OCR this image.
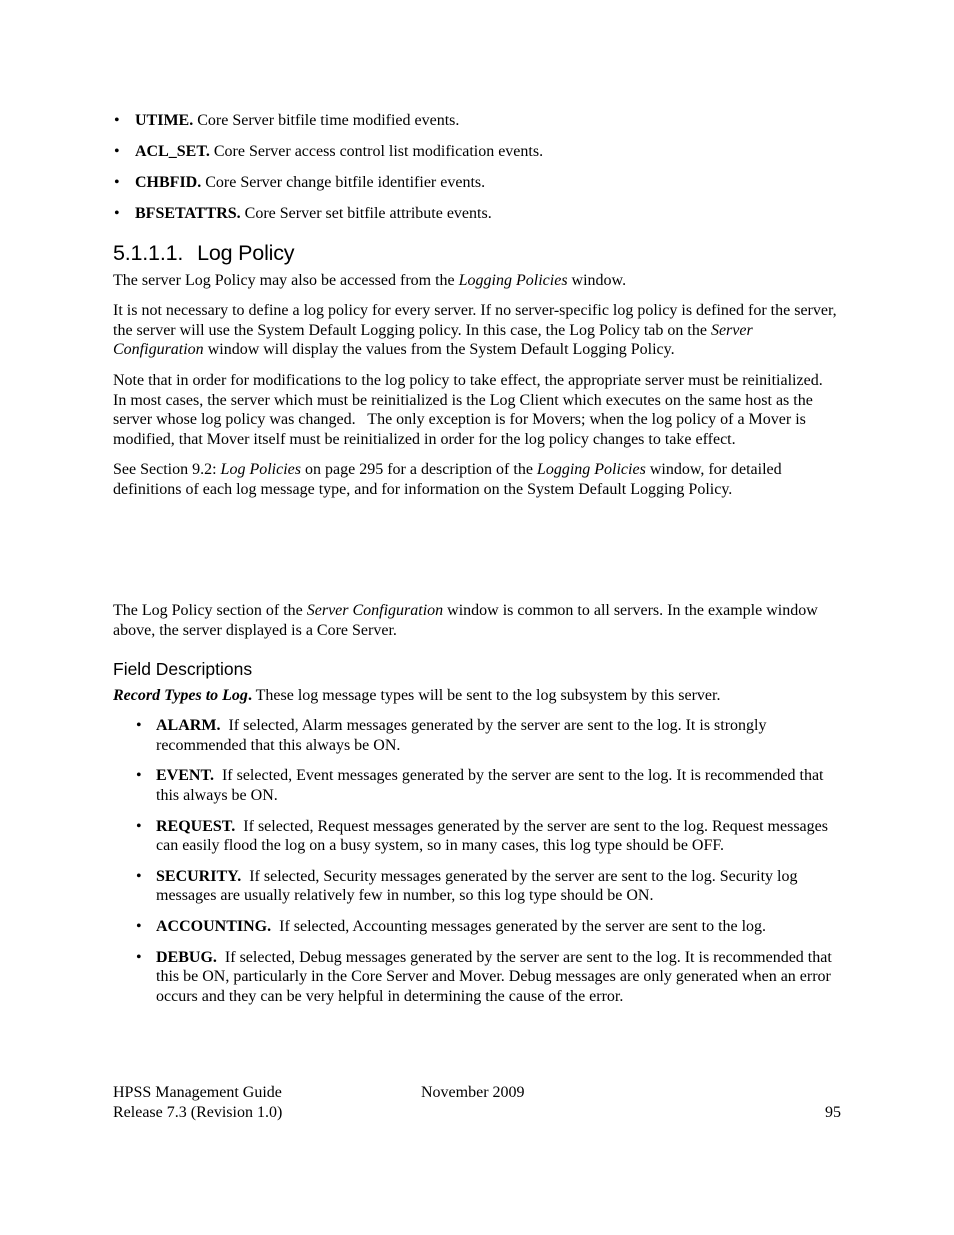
• UTIME. Core Server bitfile time modified events.
• ACL_SET. Core Server access control list modification events.
• CHBFID. Core Server change bitfile identifier events.
• BFSETATTRS. Core Server set bitfile attribute events.
5.1.1.1. Log Policy

The server Log Policy may also be accessed from the Logging Policies window.

It is not necessary to define a log policy for every server. If no server-specific log policy is defined for the server, the server will use the System Default Logging policy. In this case, the Log Policy tab on the Server Configuration window will display the values from the System Default Logging Policy.

Note that in order for modifications to the log policy to take effect, the appropriate server must be reinitialized.    In most cases, the server which must be reinitialized is the Log Client which executes on the same host as the server whose log policy was changed.   The only exception is for Movers; when the log policy of a Mover is modified, that Mover itself must be reinitialized in order for the log policy changes to take effect.

See Section 9.2: Log Policies on page 295 for a description of the Logging Policies window, for detailed definitions of each log message type, and for information on the System Default Logging Policy.

The Log Policy section of the Server Configuration window is common to all servers. In the example window above, the server displayed is a Core Server.

Field Descriptions

Record Types to Log. These log message types will be sent to the log subsystem by this server.

• ALARM.  If selected, Alarm messages generated by the server are sent to the log. It is strongly recommended that this always be ON.
• EVENT.  If selected, Event messages generated by the server are sent to the log. It is recommended that this always be ON.
• REQUEST.  If selected, Request messages generated by the server are sent to the log. Request messages can easily flood the log on a busy system, so in many cases, this log type should be OFF.
• SECURITY.  If selected, Security messages generated by the server are sent to the log. Security log messages are usually relatively few in number, so this log type should be ON.
• ACCOUNTING.  If selected, Accounting messages generated by the server are sent to the log.
• DEBUG.  If selected, Debug messages generated by the server are sent to the log. It is recommended that this be ON, particularly in the Core Server and Mover. Debug messages are only generated when an error occurs and they can be very helpful in determining the cause of the error.
HPSS Management Guide	November 2009
Release 7.3 (Revision 1.0)	95
